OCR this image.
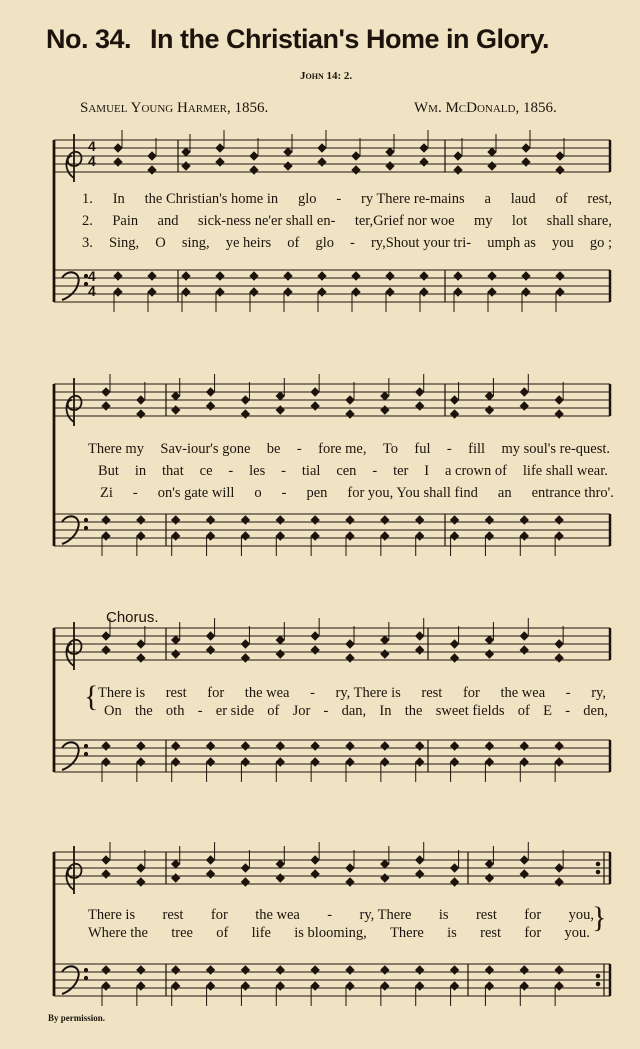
No. 34. In the Christian's Home in Glory.
John 14: 2.
Samuel Young Harmer, 1856.	Wm. McDonald, 1856.
Chorus.
By permission.
4
4
4
4
1. In the Christian's home in glo - ry There re-mains a laud of rest,
2. Pain and sick-ness ne'er shall en- ter,Grief nor woe my lot shall share,
3. Sing, O sing, ye heirs of glo - ry,Shout your tri- umph as you go ;
There my Sav-iour's gone be - fore me, To ful - fill my soul's re-quest.
But in that ce - les - tial cen - ter I a crown of life shall wear.
Zi - on's gate will o - pen for you, You shall find an entrance thro'.
{ There is rest for the wea - ry, There is rest for the wea - ry,
On the oth - er side of Jor - dan, In the sweet fields of E - den,
There is rest for the wea - ry, There is rest for you,
Where the tree of life is blooming, There is rest for you. }
